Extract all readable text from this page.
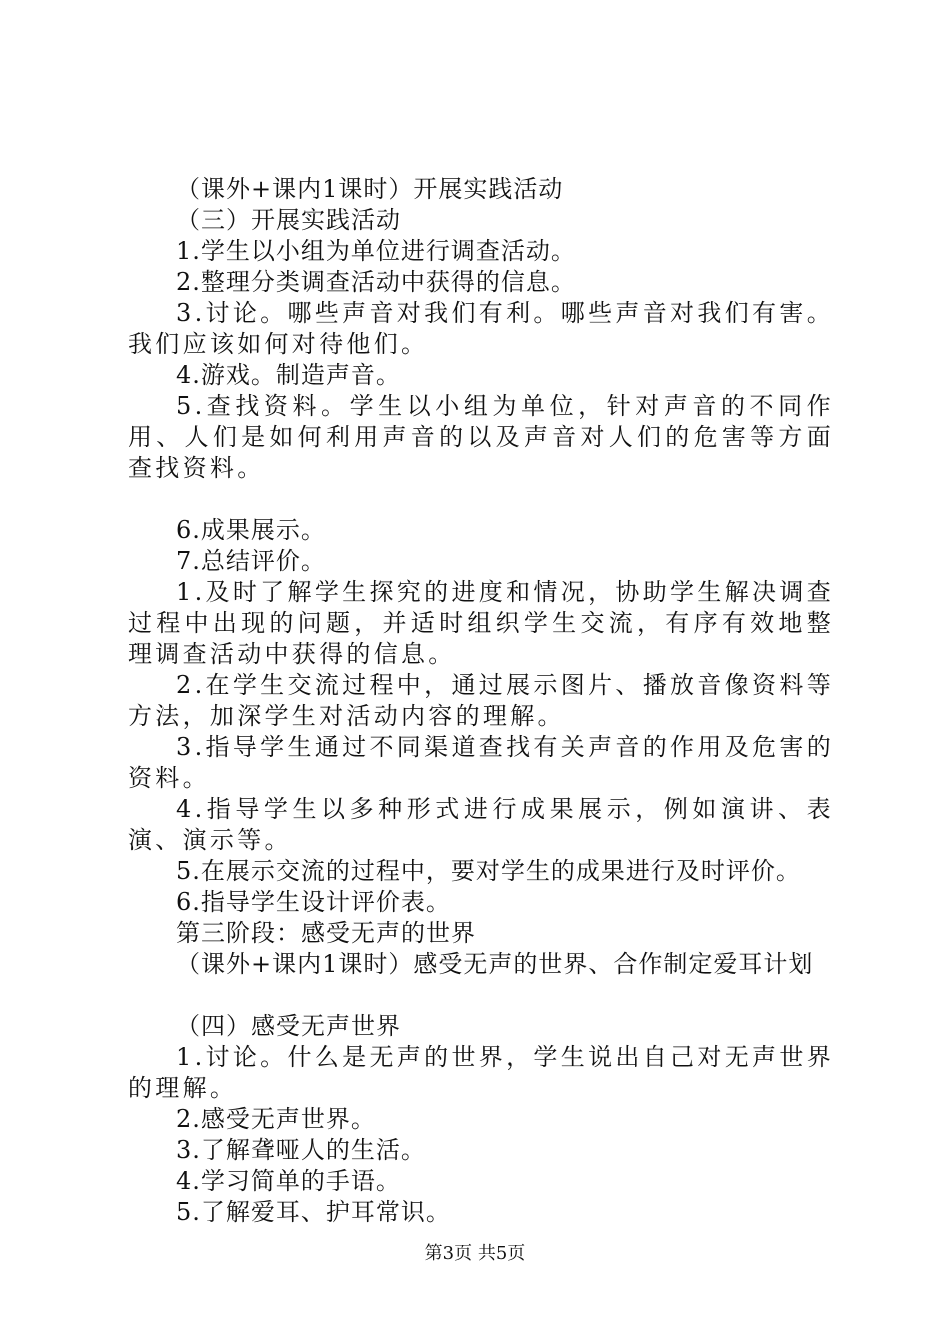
（课外+课内1课时）开展实践活动

（三）开展实践活动

1.学生以小组为单位进行调查活动。

2.整理分类调查活动中获得的信息。

3.讨论。哪些声音对我们有利。哪些声音对我们有害。我们应该如何对待他们。

4.游戏。制造声音。

5.查找资料。学生以小组为单位，针对声音的不同作用、人们是如何利用声音的以及声音对人们的危害等方面查找资料。

6.成果展示。

7.总结评价。

1.及时了解学生探究的进度和情况，协助学生解决调查过程中出现的问题，并适时组织学生交流，有序有效地整理调查活动中获得的信息。

2.在学生交流过程中，通过展示图片、播放音像资料等方法，加深学生对活动内容的理解。

3.指导学生通过不同渠道查找有关声音的作用及危害的资料。

4.指导学生以多种形式进行成果展示，例如演讲、表演、演示等。

5.在展示交流的过程中，要对学生的成果进行及时评价。

6.指导学生设计评价表。

第三阶段：感受无声的世界

（课外+课内1课时）感受无声的世界、合作制定爱耳计划

（四）感受无声世界

1.讨论。什么是无声的世界，学生说出自己对无声世界的理解。

2.感受无声世界。

3.了解聋哑人的生活。

4.学习简单的手语。

5.了解爱耳、护耳常识。

第3页 共5页
